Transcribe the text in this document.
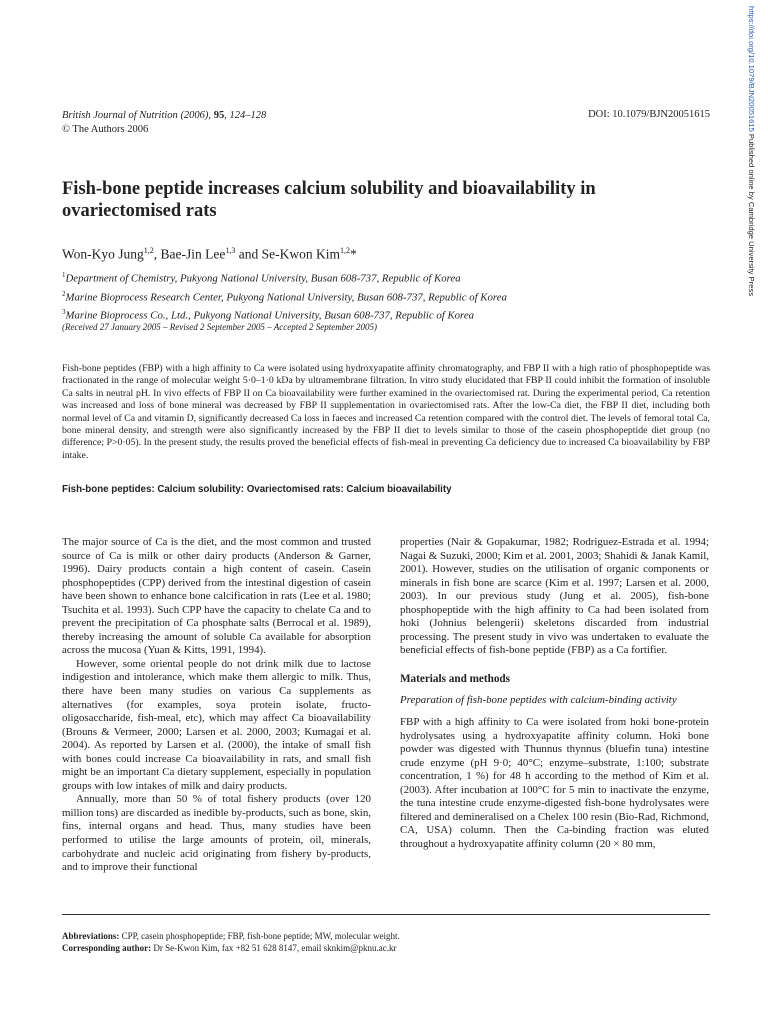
British Journal of Nutrition (2006), 95, 124–128
© The Authors 2006
DOI: 10.1079/BJN20051615	https://doi.org/10.1079/BJN20051615 Published online by Cambridge University Press
Fish-bone peptide increases calcium solubility and bioavailability in ovariectomised rats
Won-Kyo Jung$^{1,2}$, Bae-Jin Lee$^{1,3}$ and Se-Kwon Kim$^{1,2}$*
$^1$Department of Chemistry, Pukyong National University, Busan 608-737, Republic of Korea
$^2$Marine Bioprocess Research Center, Pukyong National University, Busan 608-737, Republic of Korea
$^3$Marine Bioprocess Co., Ltd., Pukyong National University, Busan 608-737, Republic of Korea
(Received 27 January 2005 – Revised 2 September 2005 – Accepted 2 September 2005)
Fish-bone peptides (FBP) with a high affinity to Ca were isolated using hydroxyapatite affinity chromatography, and FBP II with a high ratio of phosphopeptide was fractionated in the range of molecular weight 5·0–1·0 kDa by ultramembrane filtration. In vitro study elucidated that FBP II could inhibit the formation of insoluble Ca salts in neutral pH. In vivo effects of FBP II on Ca bioavailability were further examined in the ovariectomised rat. During the experimental period, Ca retention was increased and loss of bone mineral was decreased by FBP II supplementation in ovariectomised rats. After the low-Ca diet, the FBP II diet, including both normal level of Ca and vitamin D, significantly decreased Ca loss in faeces and increased Ca retention compared with the control diet. The levels of femoral total Ca, bone mineral density, and strength were also significantly increased by the FBP II diet to levels similar to those of the casein phosphopeptide diet group (no difference; P>0·05). In the present study, the results proved the beneficial effects of fish-meal in preventing Ca deficiency due to increased Ca bioavailability by FBP intake.
Fish-bone peptides: Calcium solubility: Ovariectomised rats: Calcium bioavailability

The major source of Ca is the diet, and the most common and trusted source of Ca is milk or other dairy products (Anderson & Garner, 1996). Dairy products contain a high content of casein. Casein phosphopeptides (CPP) derived from the intestinal digestion of casein have been shown to enhance bone calcification in rats (Lee et al. 1980; Tsuchita et al. 1993). Such CPP have the capacity to chelate Ca and to prevent the precipitation of Ca phosphate salts (Berrocal et al. 1989), thereby increasing the amount of soluble Ca available for absorption across the mucosa (Yuan & Kitts, 1991, 1994).

However, some oriental people do not drink milk due to lactose indigestion and intolerance, which make them allergic to milk. Thus, there have been many studies on various Ca supplements as alternatives (for examples, soya protein isolate, fructo-oligosaccharide, fish-meal, etc), which may affect Ca bioavailability (Brouns & Vermeer, 2000; Larsen et al. 2000, 2003; Kumagai et al. 2004). As reported by Larsen et al. (2000), the intake of small fish with bones could increase Ca bioavailability in rats, and small fish might be an important Ca dietary supplement, especially in population groups with low intakes of milk and dairy products.

Annually, more than 50 % of total fishery products (over 120 million tons) are discarded as inedible by-products, such as bone, skin, fins, internal organs and head. Thus, many studies have been performed to utilise the large amounts of protein, oil, minerals, carbohydrate and nucleic acid originating from fishery by-products, and to improve their functional

properties (Nair & Gopakumar, 1982; Rodriguez-Estrada et al. 1994; Nagai & Suzuki, 2000; Kim et al. 2001, 2003; Shahidi & Janak Kamil, 2001). However, studies on the utilisation of organic components or minerals in fish bone are scarce (Kim et al. 1997; Larsen et al. 2000, 2003). In our previous study (Jung et al. 2005), fish-bone phosphopeptide with the high affinity to Ca had been isolated from hoki (Johnius belengerii) skeletons discarded from industrial processing. The present study in vivo was undertaken to evaluate the beneficial effects of fish-bone peptide (FBP) as a Ca fortifier.

Materials and methods
Preparation of fish-bone peptides with calcium-binding activity

FBP with a high affinity to Ca were isolated from hoki bone-protein hydrolysates using a hydroxyapatite affinity column. Hoki bone powder was digested with Thunnus thynnus (bluefin tuna) intestine crude enzyme (pH 9·0; 40°C; enzyme–substrate, 1:100; substrate concentration, 1 %) for 48 h according to the method of Kim et al. (2003). After incubation at 100°C for 5 min to inactivate the enzyme, the tuna intestine crude enzyme-digested fish-bone hydrolysates were filtered and demineralised on a Chelex 100 resin (Bio-Rad, Richmond, CA, USA) column. Then the Ca-binding fraction was eluted throughout a hydroxyapatite affinity column (20 × 80 mm,

Abbreviations: CPP, casein phosphopeptide; FBP, fish-bone peptide; MW, molecular weight.
Corresponding author: Dr Se-Kwon Kim, fax +82 51 628 8147, email sknkim@pknu.ac.kr
